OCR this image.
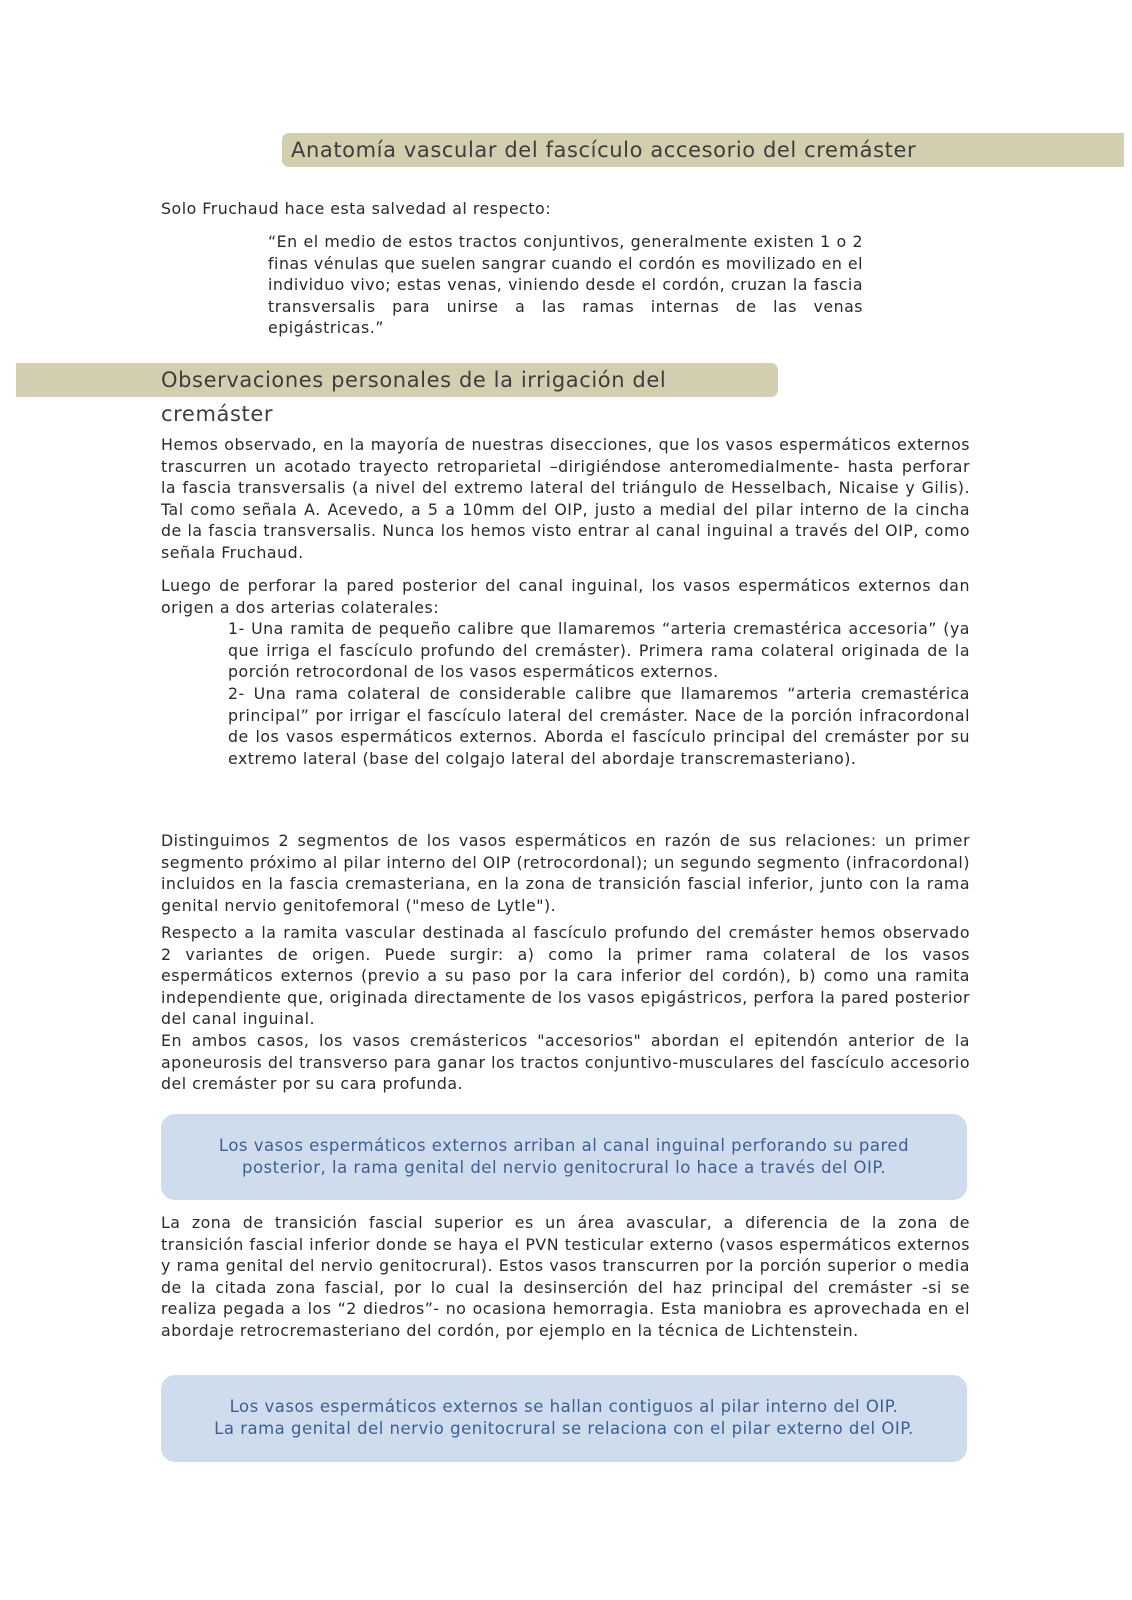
Anatomía vascular del fascículo accesorio del cremáster
Solo Fruchaud hace esta salvedad al respecto:
“En el medio de estos tractos conjuntivos, generalmente existen 1 o 2 finas vénulas que suelen sangrar cuando el cordón es movilizado en el individuo vivo; estas venas, viniendo desde el cordón, cruzan la fascia transversalis para unirse a las ramas internas de las venas epigástricas.”
Observaciones personales de la irrigación del cremáster
Hemos observado, en la mayoría de nuestras disecciones, que los vasos espermáticos externos trascurren un acotado trayecto retroparietal –dirigiéndose anteromedialmente- hasta perforar la fascia transversalis (a nivel del extremo lateral del triángulo de Hesselbach, Nicaise y Gilis). Tal como señala A. Acevedo, a 5 a 10mm del OIP, justo a medial del pilar interno de la cincha de la fascia transversalis. Nunca los hemos visto entrar al canal inguinal a través del OIP, como señala Fruchaud.

Luego de perforar la pared posterior del canal inguinal, los vasos espermáticos externos dan origen a dos arterias colaterales:

1- Una ramita de pequeño calibre que llamaremos “arteria cremastérica accesoria” (ya que irriga el fascículo profundo del cremáster). Primera rama colateral originada de la porción retrocordonal de los vasos espermáticos externos.

2- Una rama colateral de considerable calibre que llamaremos “arteria cremastérica principal” por irrigar el fascículo lateral del cremáster. Nace de la porción infracordonal de los vasos espermáticos externos. Aborda el fascículo principal del cremáster por su extremo lateral (base del colgajo lateral del abordaje transcremasteriano).

Distinguimos 2 segmentos de los vasos espermáticos en razón de sus relaciones: un primer segmento próximo al pilar interno del OIP (retrocordonal); un segundo segmento (infracordonal) incluidos en la fascia cremasteriana, en la zona de transición fascial inferior, junto con la rama genital nervio genitofemoral ("meso de Lytle").

Respecto a la ramita vascular destinada al fascículo profundo del cremáster hemos observado 2 variantes de origen. Puede surgir: a) como la primer rama colateral de los vasos espermáticos externos (previo a su paso por la cara inferior del cordón), b) como una ramita independiente que, originada directamente de los vasos epigástricos, perfora la pared posterior del canal inguinal.

En ambos casos, los vasos cremástericos "accesorios" abordan el epitendón anterior de la aponeurosis del transverso para ganar los tractos conjuntivo-musculares del fascículo accesorio del cremáster por su cara profunda.

Los vasos espermáticos externos arriban al canal inguinal perforando su pared
posterior, la rama genital del nervio genitocrural lo hace a través del OIP.
La zona de transición fascial superior es un área avascular, a diferencia de la zona de transición fascial inferior donde se haya el PVN testicular externo (vasos espermáticos externos y rama genital del nervio genitocrural). Estos vasos transcurren por la porción superior o media de la citada zona fascial, por lo cual la desinserción del haz principal del cremáster -si se realiza pegada a los “2 diedros”- no ocasiona hemorragia. Esta maniobra es aprovechada en el abordaje retrocremasteriano del cordón, por ejemplo en la técnica de Lichtenstein.
Los vasos espermáticos externos se hallan contiguos al pilar interno del OIP.
La rama genital del nervio genitocrural se relaciona con el pilar externo del OIP.
